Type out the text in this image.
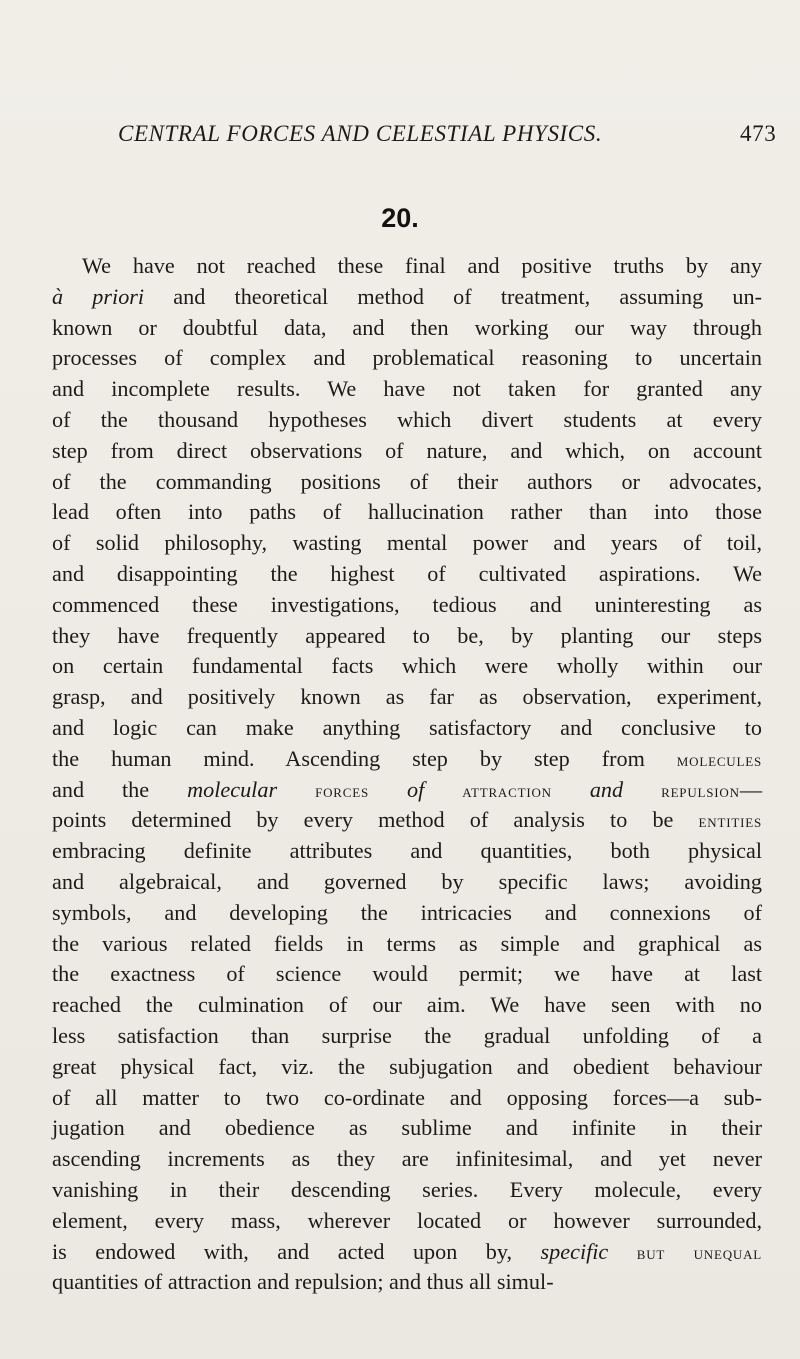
CENTRAL FORCES AND CELESTIAL PHYSICS.	473
20.
We have not reached these final and positive truths by any
à priori and theoretical method of treatment, assuming un-
known or doubtful data, and then working our way through
processes of complex and problematical reasoning to uncertain
and incomplete results. We have not taken for granted any
of the thousand hypotheses which divert students at every
step from direct observations of nature, and which, on account
of the commanding positions of their authors or advocates,
lead often into paths of hallucination rather than into those
of solid philosophy, wasting mental power and years of toil,
and disappointing the highest of cultivated aspirations. We
commenced these investigations, tedious and uninteresting as
they have frequently appeared to be, by planting our steps
on certain fundamental facts which were wholly within our
grasp, and positively known as far as observation, experiment,
and logic can make anything satisfactory and conclusive to
the human mind. Ascending step by step from molecules
and the molecular forces of attraction and repulsion—
points determined by every method of analysis to be entities
embracing definite attributes and quantities, both physical
and algebraical, and governed by specific laws; avoiding
symbols, and developing the intricacies and connexions of
the various related fields in terms as simple and graphical as
the exactness of science would permit; we have at last
reached the culmination of our aim. We have seen with no
less satisfaction than surprise the gradual unfolding of a
great physical fact, viz. the subjugation and obedient behaviour
of all matter to two co-ordinate and opposing forces—a sub-
jugation and obedience as sublime and infinite in their
ascending increments as they are infinitesimal, and yet never
vanishing in their descending series. Every molecule, every
element, every mass, wherever located or however surrounded,
is endowed with, and acted upon by, specific but unequal
quantities of attraction and repulsion; and thus all simul-
